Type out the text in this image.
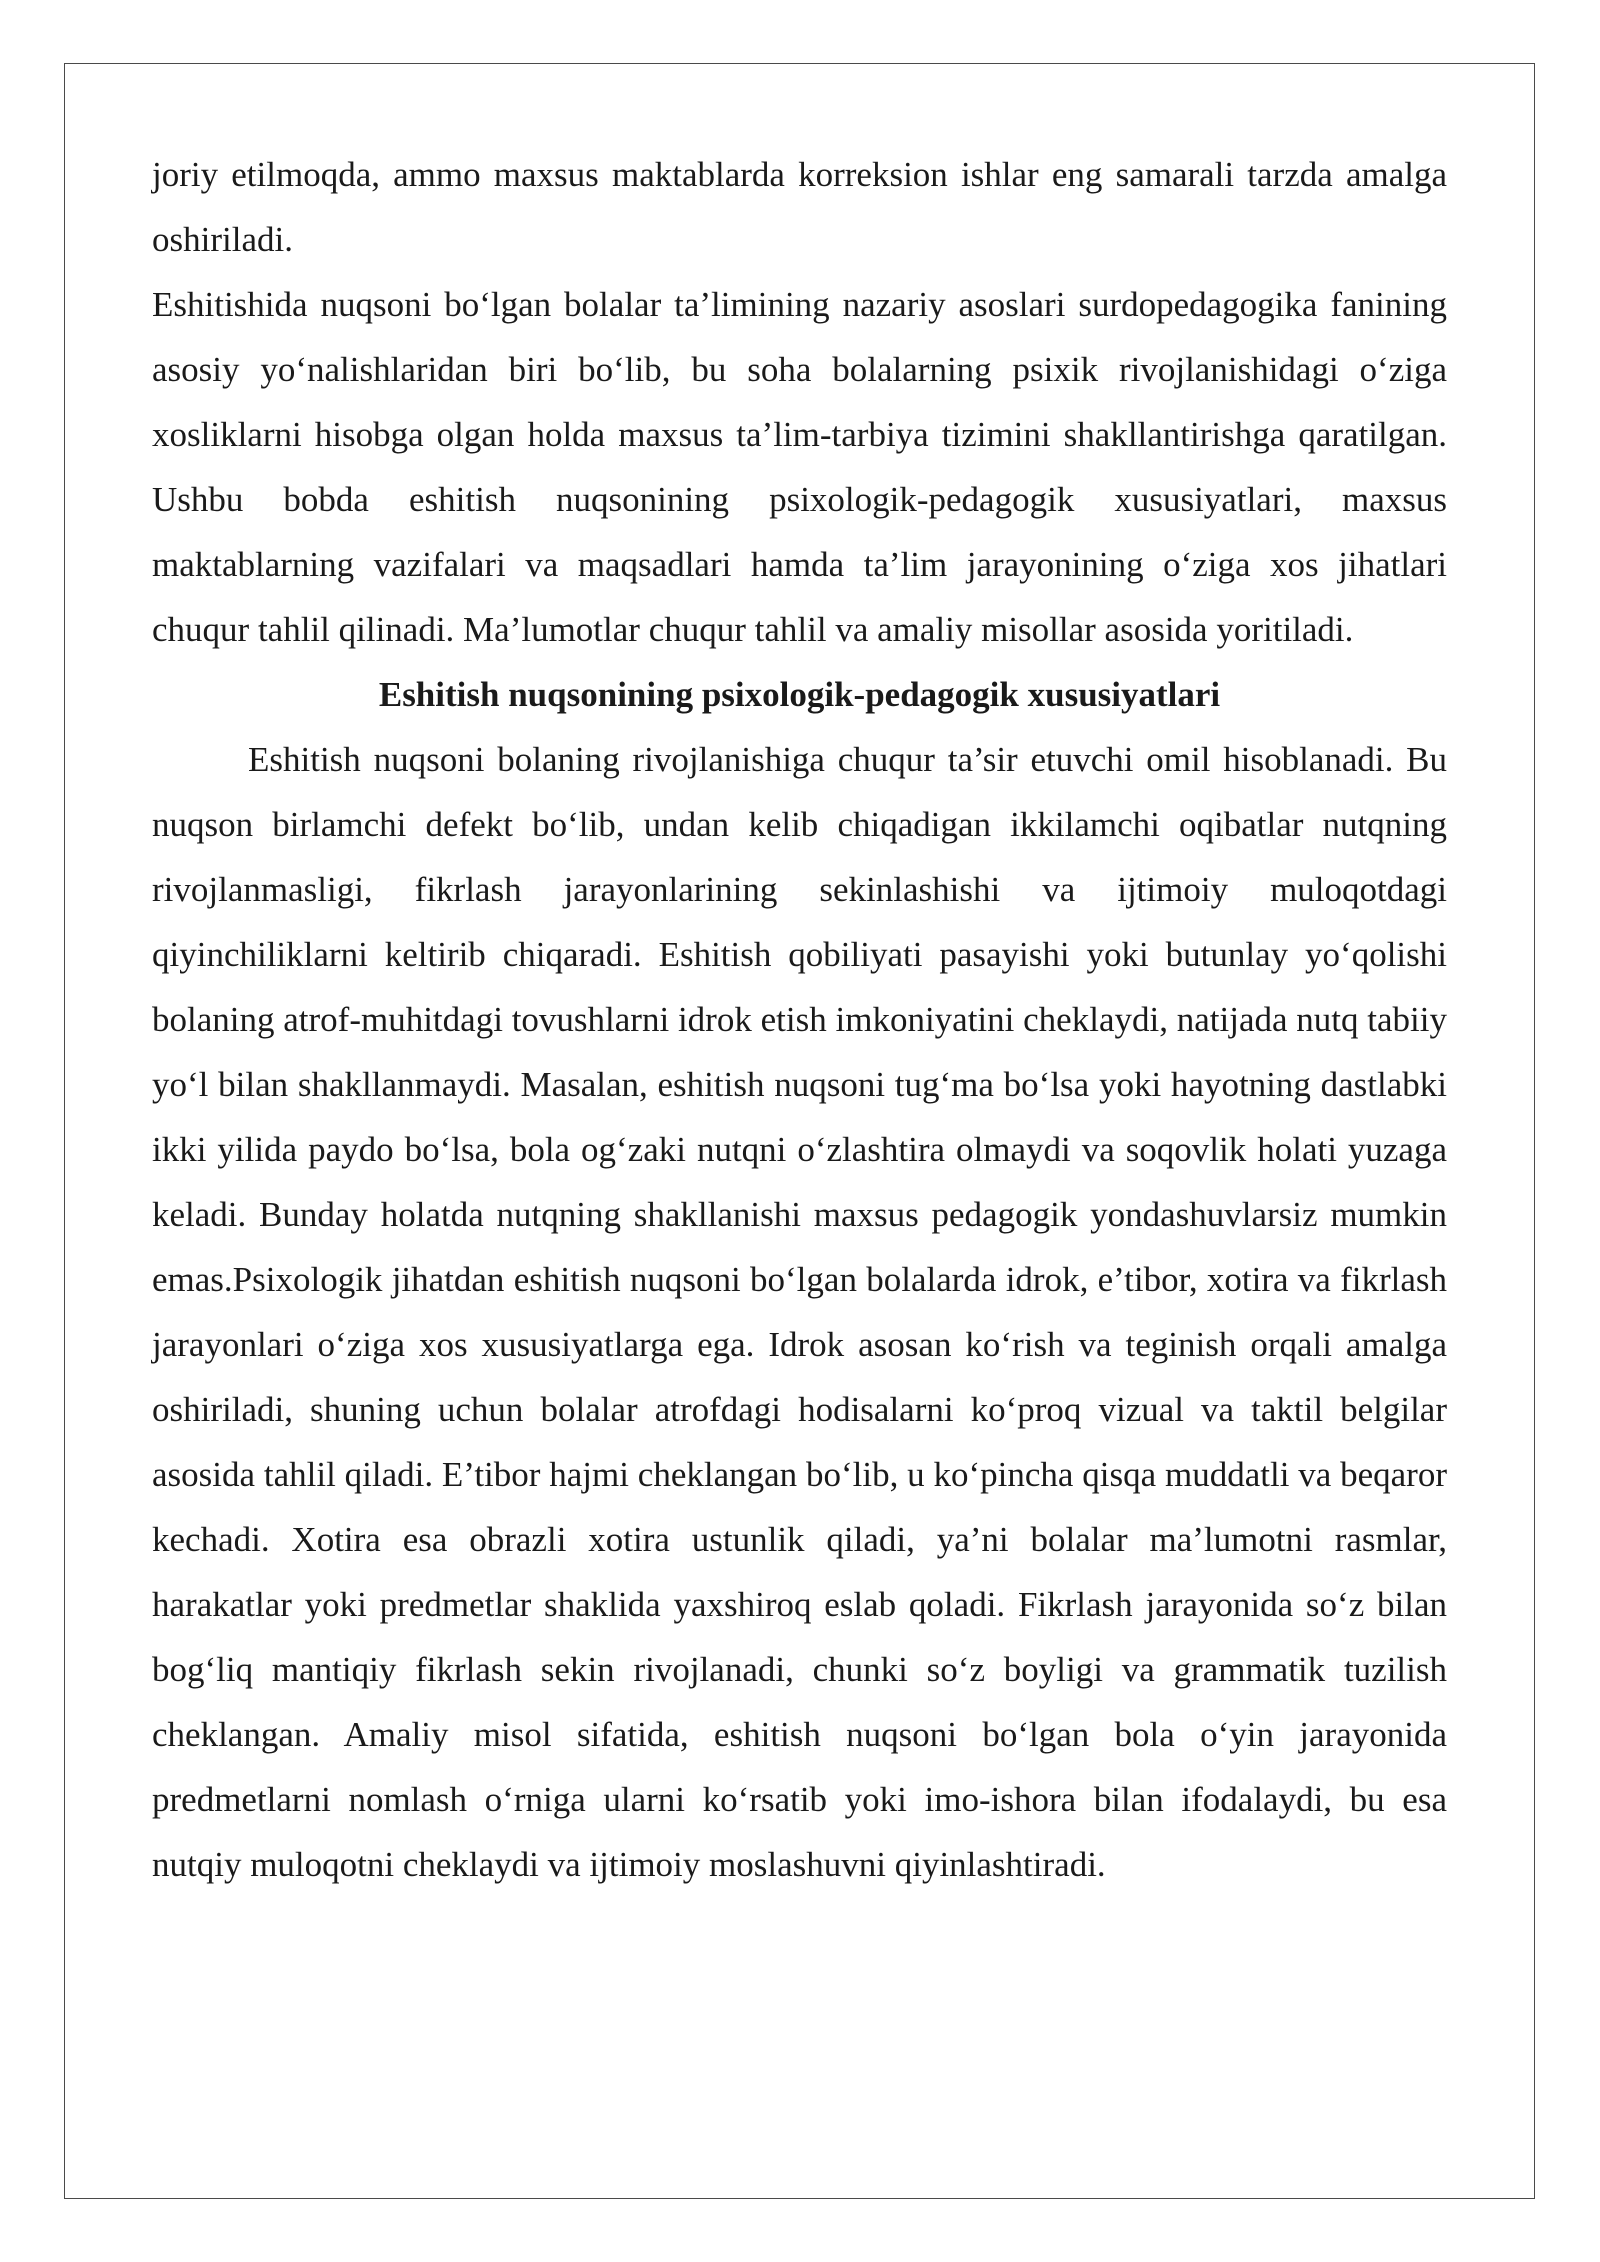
joriy etilmoqda, ammo maxsus maktablarda korreksion ishlar eng samarali tarzda amalga oshiriladi.

Eshitishida nuqsoni bo‘lgan bolalar ta’limining nazariy asoslari surdopedagogika fanining asosiy yo‘nalishlaridan biri bo‘lib, bu soha bolalarning psixik rivojlanishidagi o‘ziga xosliklarni hisobga olgan holda maxsus ta’lim-tarbiya tizimini shakllantirishga qaratilgan. Ushbu bobda eshitish nuqsonining psixologik-pedagogik xususiyatlari, maxsus maktablarning vazifalari va maqsadlari hamda ta’lim jarayonining o‘ziga xos jihatlari chuqur tahlil qilinadi. Ma’lumotlar chuqur tahlil va amaliy misollar asosida yoritiladi.

Eshitish nuqsonining psixologik-pedagogik xususiyatlari

Eshitish nuqsoni bolaning rivojlanishiga chuqur ta’sir etuvchi omil hisoblanadi. Bu nuqson birlamchi defekt bo‘lib, undan kelib chiqadigan ikkilamchi oqibatlar nutqning rivojlanmasligi, fikrlash jarayonlarining sekinlashishi va ijtimoiy muloqotdagi qiyinchiliklarni keltirib chiqaradi. Eshitish qobiliyati pasayishi yoki butunlay yo‘qolishi bolaning atrof-muhitdagi tovushlarni idrok etish imkoniyatini cheklaydi, natijada nutq tabiiy yo‘l bilan shakllanmaydi. Masalan, eshitish nuqsoni tug‘ma bo‘lsa yoki hayotning dastlabki ikki yilida paydo bo‘lsa, bola og‘zaki nutqni o‘zlashtira olmaydi va soqovlik holati yuzaga keladi. Bunday holatda nutqning shakllanishi maxsus pedagogik yondashuvlarsiz mumkin emas.Psixologik jihatdan eshitish nuqsoni bo‘lgan bolalarda idrok, e’tibor, xotira va fikrlash jarayonlari o‘ziga xos xususiyatlarga ega. Idrok asosan ko‘rish va teginish orqali amalga oshiriladi, shuning uchun bolalar atrofdagi hodisalarni ko‘proq vizual va taktil belgilar asosida tahlil qiladi. E’tibor hajmi cheklangan bo‘lib, u ko‘pincha qisqa muddatli va beqaror kechadi. Xotira esa obrazli xotira ustunlik qiladi, ya’ni bolalar ma’lumotni rasmlar, harakatlar yoki predmetlar shaklida yaxshiroq eslab qoladi. Fikrlash jarayonida so‘z bilan bog‘liq mantiqiy fikrlash sekin rivojlanadi, chunki so‘z boyligi va grammatik tuzilish cheklangan. Amaliy misol sifatida, eshitish nuqsoni bo‘lgan bola o‘yin jarayonida predmetlarni nomlash o‘rniga ularni ko‘rsatib yoki imo-ishora bilan ifodalaydi, bu esa nutqiy muloqotni cheklaydi va ijtimoiy moslashuvni qiyinlashtiradi.
